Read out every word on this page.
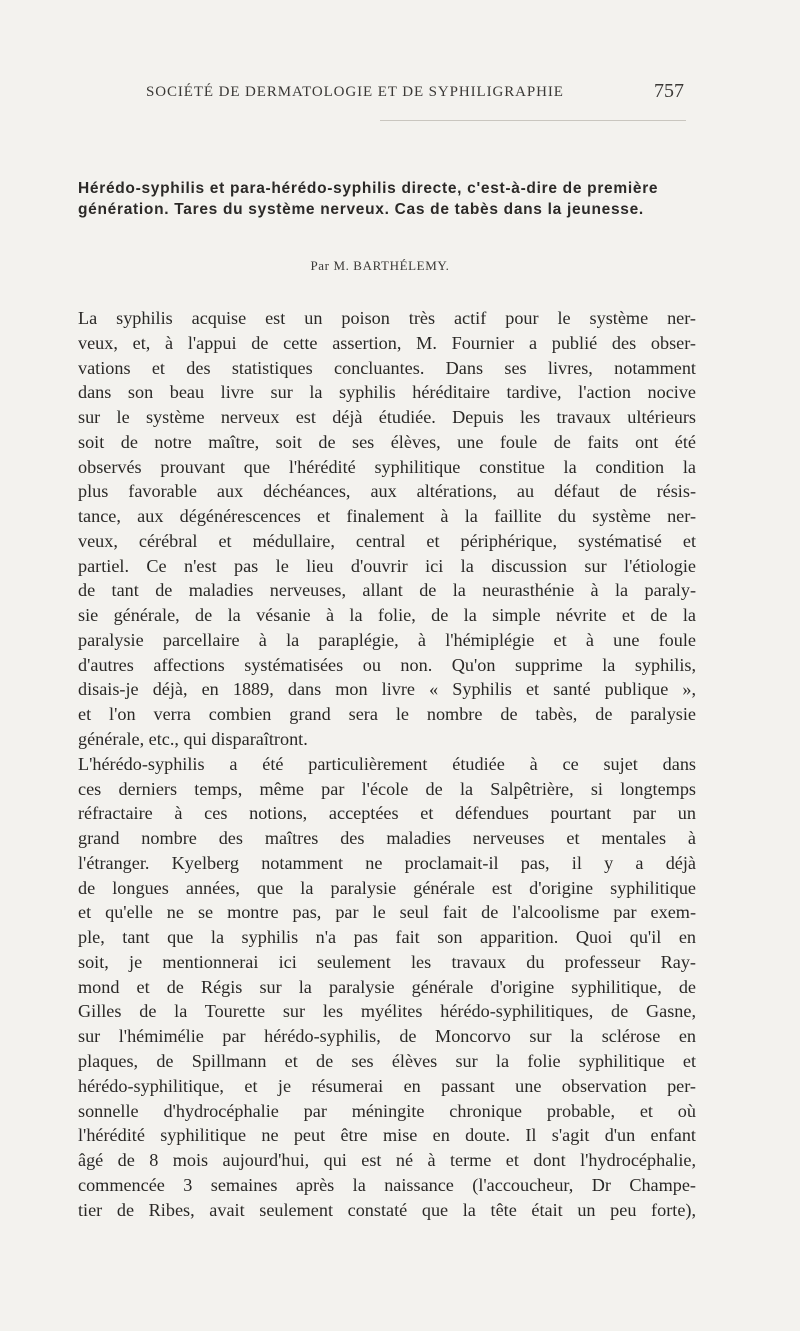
SOCIÉTÉ DE DERMATOLOGIE ET DE SYPHILIGRAPHIE	757
Hérédo-syphilis et para-hérédo-syphilis directe, c'est-à-dire de première génération. Tares du système nerveux. Cas de tabès dans la jeunesse.
Par M. BARTHÉLEMY.
La syphilis acquise est un poison très actif pour le système ner-
veux, et, à l'appui de cette assertion, M. Fournier a publié des obser-
vations et des statistiques concluantes. Dans ses livres, notamment
dans son beau livre sur la syphilis héréditaire tardive, l'action nocive
sur le système nerveux est déjà étudiée. Depuis les travaux ultérieurs
soit de notre maître, soit de ses élèves, une foule de faits ont été
observés prouvant que l'hérédité syphilitique constitue la condition la
plus favorable aux déchéances, aux altérations, au défaut de résis-
tance, aux dégénérescences et finalement à la faillite du système ner-
veux, cérébral et médullaire, central et périphérique, systématisé et
partiel. Ce n'est pas le lieu d'ouvrir ici la discussion sur l'étiologie
de tant de maladies nerveuses, allant de la neurasthénie à la paraly-
sie générale, de la vésanie à la folie, de la simple névrite et de la
paralysie parcellaire à la paraplégie, à l'hémiplégie et à une foule
d'autres affections systématisées ou non. Qu'on supprime la syphilis,
disais-je déjà, en 1889, dans mon livre « Syphilis et santé publique »,
et l'on verra combien grand sera le nombre de tabès, de paralysie
générale, etc., qui disparaîtront.
L'hérédo-syphilis a été particulièrement étudiée à ce sujet dans
ces derniers temps, même par l'école de la Salpêtrière, si longtemps
réfractaire à ces notions, acceptées et défendues pourtant par un
grand nombre des maîtres des maladies nerveuses et mentales à
l'étranger. Kyelberg notamment ne proclamait-il pas, il y a déjà
de longues années, que la paralysie générale est d'origine syphilitique
et qu'elle ne se montre pas, par le seul fait de l'alcoolisme par exem-
ple, tant que la syphilis n'a pas fait son apparition. Quoi qu'il en
soit, je mentionnerai ici seulement les travaux du professeur Ray-
mond et de Régis sur la paralysie générale d'origine syphilitique, de
Gilles de la Tourette sur les myélites hérédo-syphilitiques, de Gasne,
sur l'hémimélie par hérédo-syphilis, de Moncorvo sur la sclérose en
plaques, de Spillmann et de ses élèves sur la folie syphilitique et
hérédo-syphilitique, et je résumerai en passant une observation per-
sonnelle d'hydrocéphalie par méningite chronique probable, et où
l'hérédité syphilitique ne peut être mise en doute. Il s'agit d'un enfant
âgé de 8 mois aujourd'hui, qui est né à terme et dont l'hydrocéphalie,
commencée 3 semaines après la naissance (l'accoucheur, Dr Champe-
tier de Ribes, avait seulement constaté que la tête était un peu forte),
